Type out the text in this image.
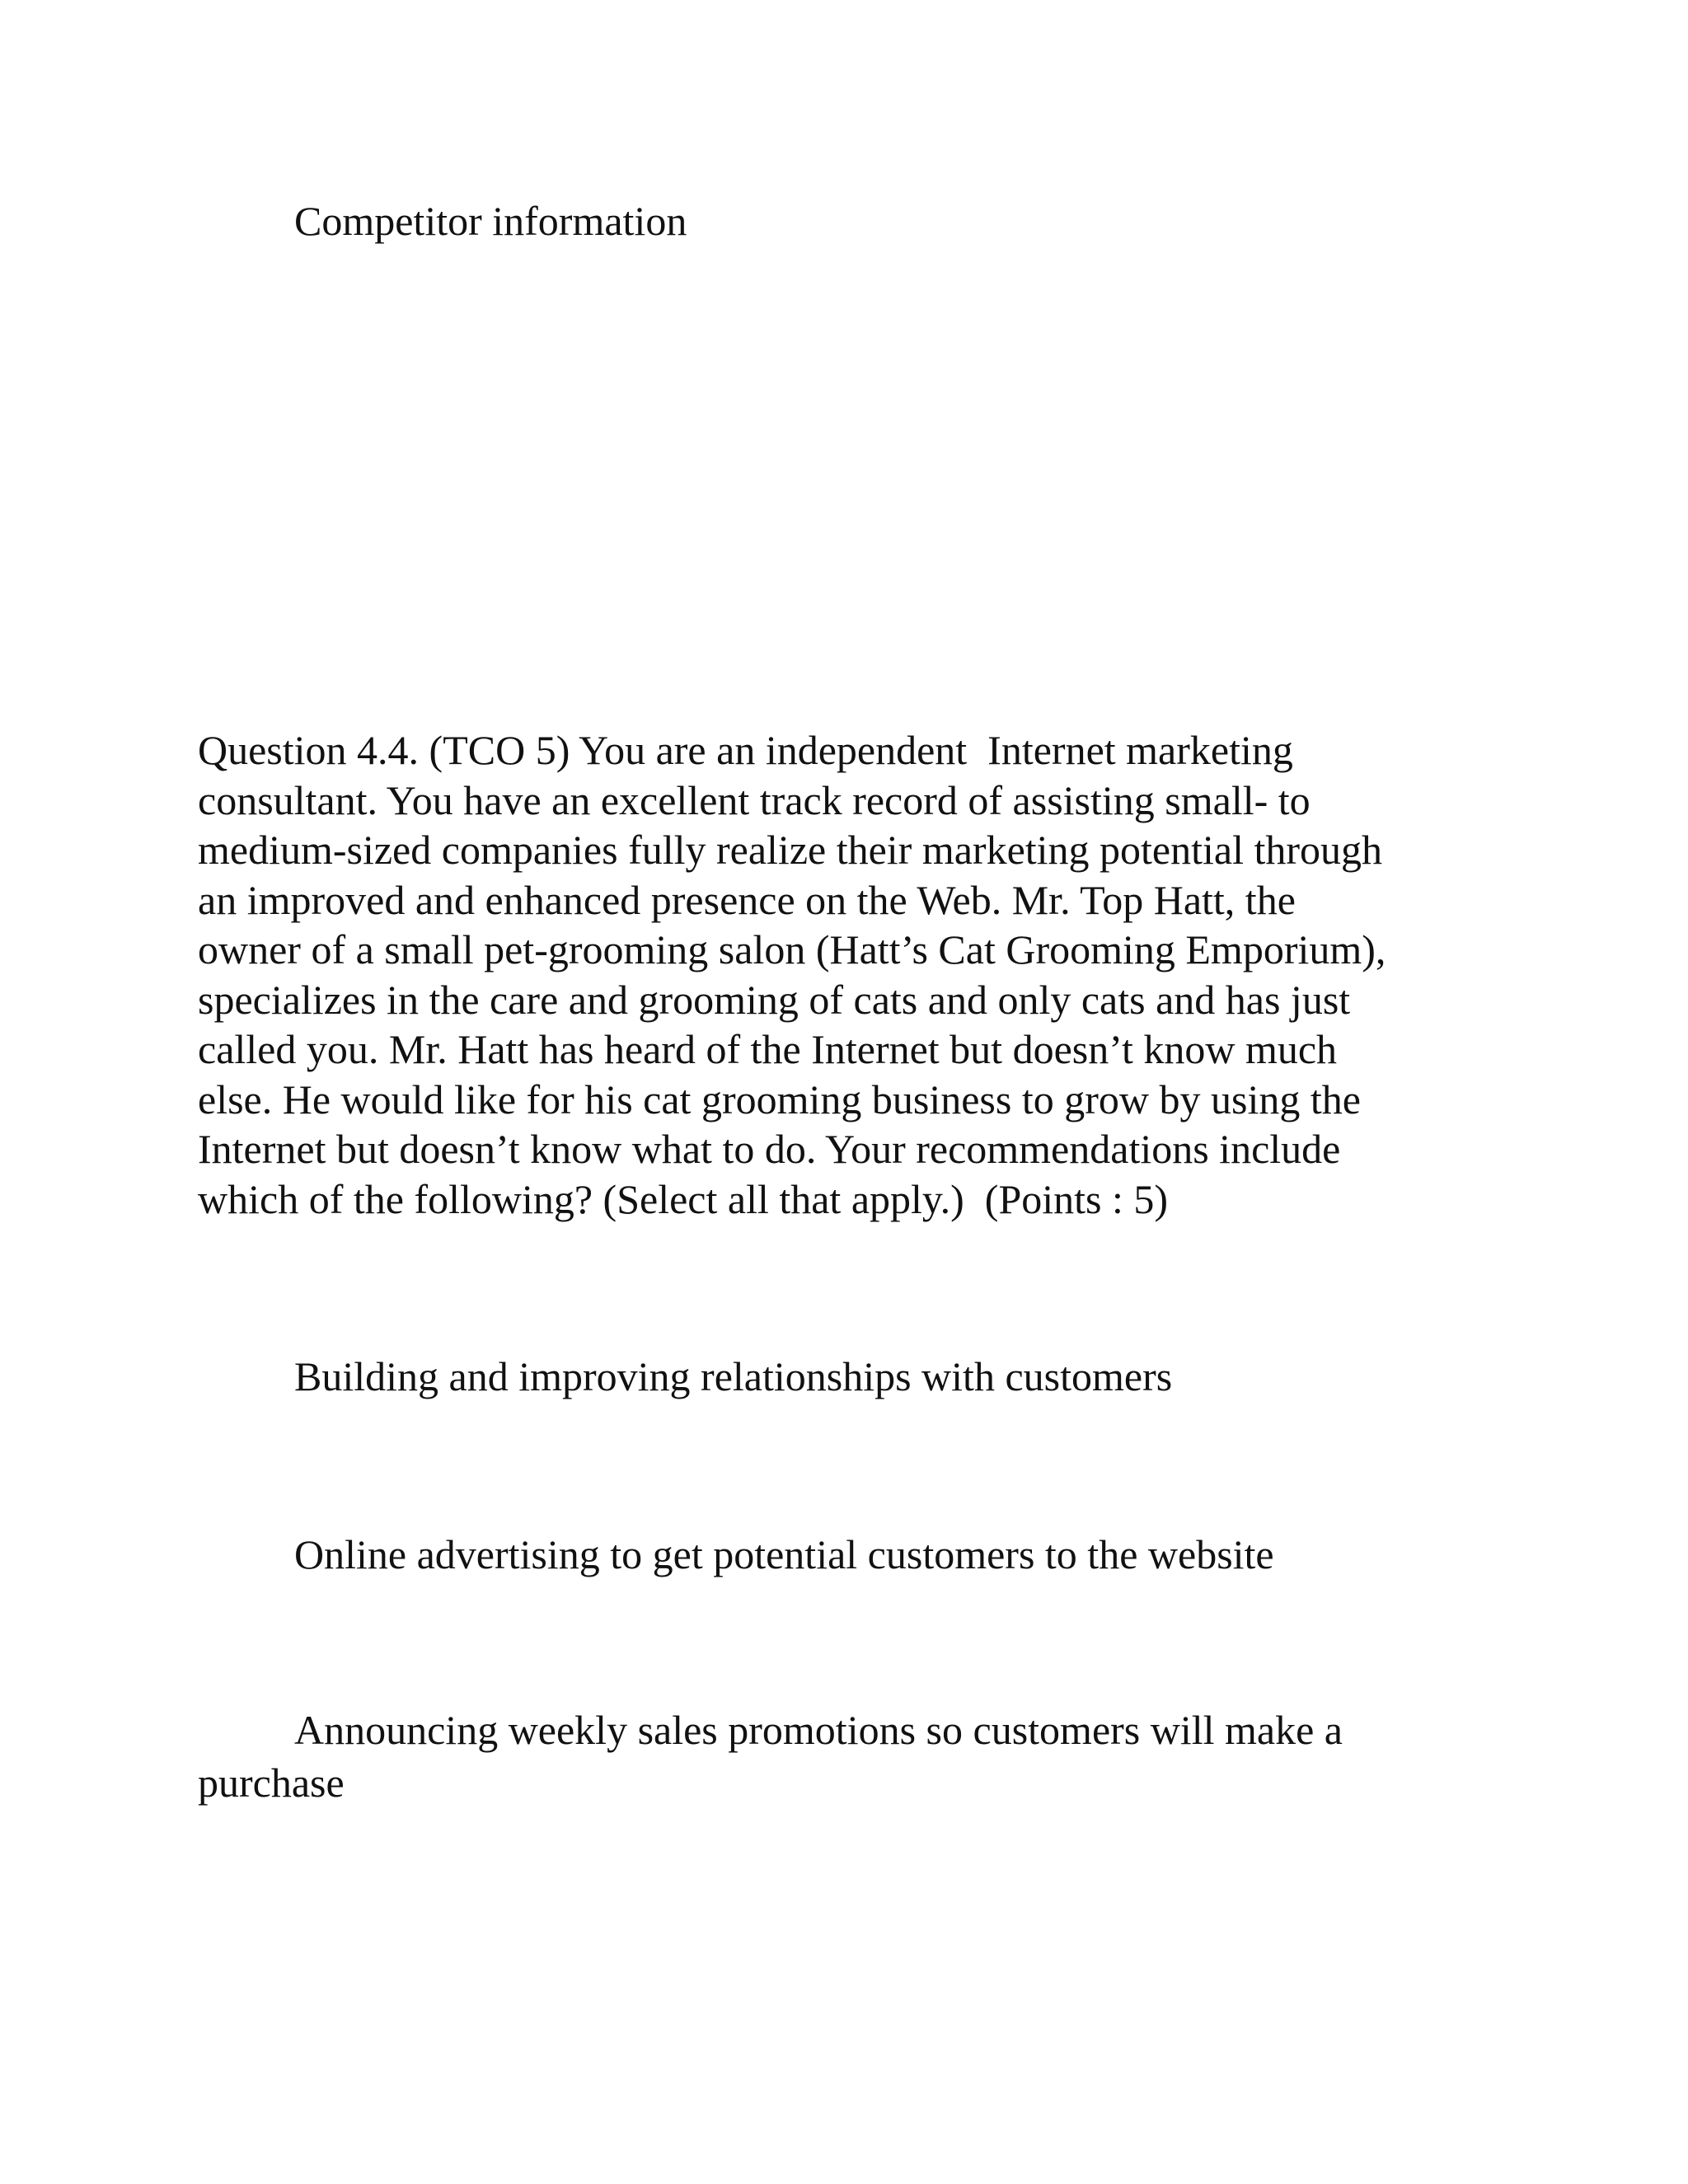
Competitor information

Question 4.4. (TCO 5) You are an independent  Internet marketing
consultant. You have an excellent track record of assisting small- to
medium-sized companies fully realize their marketing potential through
an improved and enhanced presence on the Web. Mr. Top Hatt, the
owner of a small pet-grooming salon (Hatt’s Cat Grooming Emporium),
specializes in the care and grooming of cats and only cats and has just
called you. Mr. Hatt has heard of the Internet but doesn’t know much
else. He would like for his cat grooming business to grow by using the
Internet but doesn’t know what to do. Your recommendations include
which of the following? (Select all that apply.)  (Points : 5)

Building and improving relationships with customers

Online advertising to get potential customers to the website

Announcing weekly sales promotions so customers will make a

purchase
